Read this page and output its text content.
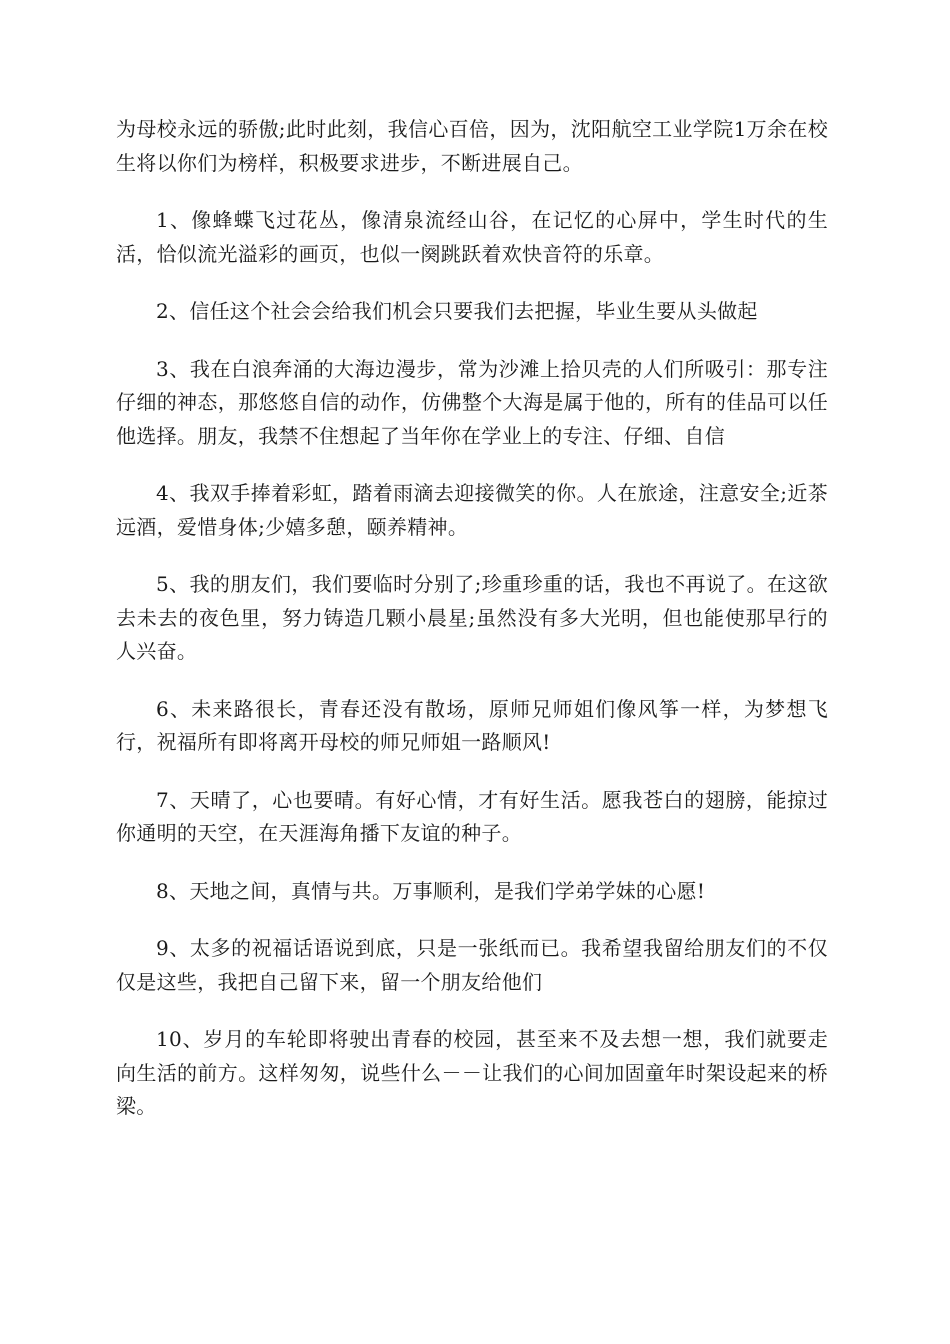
为母校永远的骄傲;此时此刻，我信心百倍，因为，沈阳航空工业学院1万余在校生将以你们为榜样，积极要求进步，不断进展自己。

1、像蜂蝶飞过花丛，像清泉流经山谷，在记忆的心屏中，学生时代的生活，恰似流光溢彩的画页，也似一阕跳跃着欢快音符的乐章。

2、信任这个社会会给我们机会只要我们去把握，毕业生要从头做起

3、我在白浪奔涌的大海边漫步，常为沙滩上拾贝壳的人们所吸引：那专注仔细的神态，那悠悠自信的动作，仿佛整个大海是属于他的，所有的佳品可以任他选择。朋友，我禁不住想起了当年你在学业上的专注、仔细、自信

4、我双手捧着彩虹，踏着雨滴去迎接微笑的你。人在旅途，注意安全;近茶远酒，爱惜身体;少嬉多憩，颐养精神。

5、我的朋友们，我们要临时分别了;珍重珍重的话，我也不再说了。在这欲去未去的夜色里，努力铸造几颗小晨星;虽然没有多大光明，但也能使那早行的人兴奋。

6、未来路很长，青春还没有散场，原师兄师姐们像风筝一样，为梦想飞行，祝福所有即将离开母校的师兄师姐一路顺风!

7、天晴了，心也要晴。有好心情，才有好生活。愿我苍白的翅膀，能掠过你通明的天空，在天涯海角播下友谊的种子。

8、天地之间，真情与共。万事顺利，是我们学弟学妹的心愿!

9、太多的祝福话语说到底，只是一张纸而已。我希望我留给朋友们的不仅仅是这些，我把自己留下来，留一个朋友给他们

10、岁月的车轮即将驶出青春的校园，甚至来不及去想一想，我们就要走向生活的前方。这样匆匆，说些什么－－让我们的心间加固童年时架设起来的桥梁。
